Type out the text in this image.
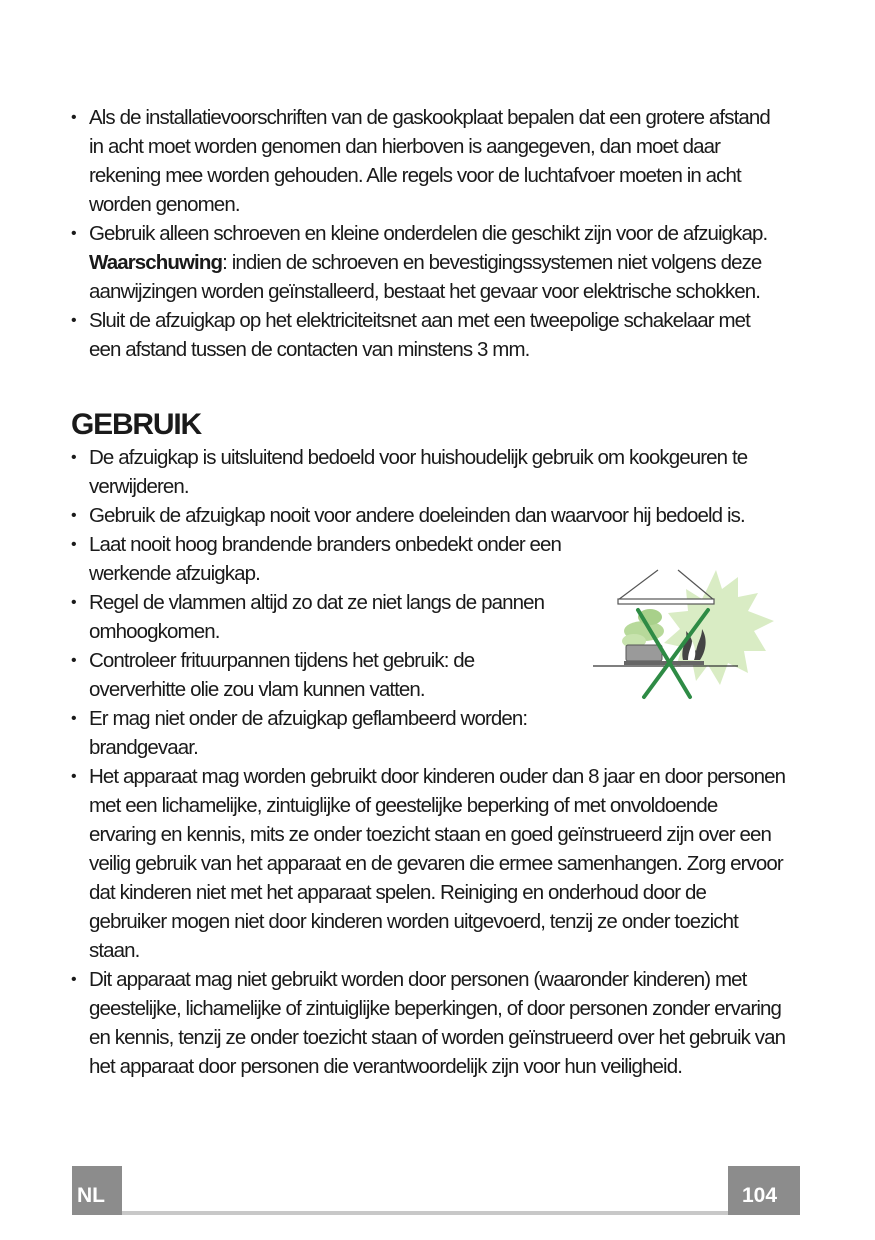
• Als de installatievoorschriften van de gaskookplaat bepalen dat een grotere afstand in acht moet worden genomen dan hierboven is aangegeven, dan moet daar rekening mee worden gehouden. Alle regels voor de luchtafvoer moeten in acht worden genomen.
• Gebruik alleen schroeven en kleine onderdelen die geschikt zijn voor de afzuigkap.
Waarschuwing: indien de schroeven en bevestigingssystemen niet volgens deze aanwijzingen worden geïnstalleerd, bestaat het gevaar voor elektrische schokken.
• Sluit de afzuigkap op het elektriciteitsnet aan met een tweepolige schakelaar met een afstand tussen de contacten van minstens 3 mm.
GEBRUIK
• De afzuigkap is uitsluitend bedoeld voor huishoudelijk gebruik om kookgeuren te verwijderen.
• Gebruik de afzuigkap nooit voor andere doeleinden dan waarvoor hij bedoeld is.
• Laat nooit hoog brandende branders onbedekt onder een werkende afzuigkap.
• Regel de vlammen altijd zo dat ze niet langs de pannen omhoogkomen.
• Controleer frituurpannen tijdens het gebruik: de oververhitte olie zou vlam kunnen vatten.
• Er mag niet onder de afzuigkap geflambeerd worden: brandgevaar.
• Het apparaat mag worden gebruikt door kinderen ouder dan 8 jaar en door personen met een lichamelijke, zintuiglijke of geestelijke beperking of met onvoldoende ervaring en kennis, mits ze onder toezicht staan en goed geïnstrueerd zijn over een veilig gebruik van het apparaat en de gevaren die ermee samenhangen. Zorg ervoor dat kinderen niet met het apparaat spelen. Reiniging en onderhoud door de gebruiker mogen niet door kinderen worden uitgevoerd, tenzij ze onder toezicht staan.
• Dit apparaat mag niet gebruikt worden door personen (waaronder kinderen) met geestelijke, lichamelijke of zintuiglijke beperkingen, of door personen zonder ervaring en kennis, tenzij ze onder toezicht staan of worden geïnstrueerd over het gebruik van het apparaat door personen die verantwoordelijk zijn voor hun veiligheid.
NL	104
